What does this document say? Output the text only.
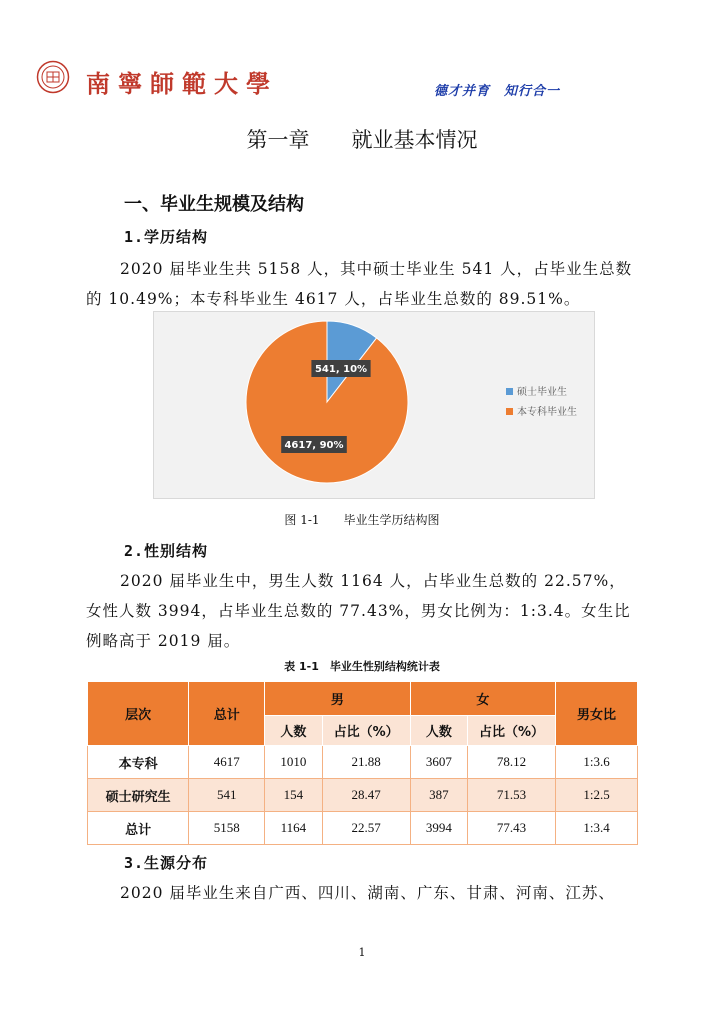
南寧師範大學	德才并育　知行合一
第一章　　就业基本情况
一、毕业生规模及结构
1.学历结构
2020 届毕业生共 5158 人，其中硕士毕业生 541 人，占毕业生总数的 10.49%；本专科毕业生 4617 人，占毕业生总数的 89.51%。
541, 10%
4617, 90%
硕士毕业生
本专科毕业生
图 1-1　　毕业生学历结构图
2.性别结构
2020 届毕业生中，男生人数 1164 人，占毕业生总数的 22.57%，女性人数 3994，占毕业生总数的 77.43%，男女比例为：1:3.4。女生比例略高于 2019 届。
表 1-1　毕业生性别结构统计表
层次	总计	男		女		男女比
		人数	占比（%）	人数	占比（%）	
本专科	4617	1010	21.88	3607	78.12	1:3.6
硕士研究生	541	154	28.47	387	71.53	1:2.5
总计	5158	1164	22.57	3994	77.43	1:3.4
3.生源分布
2020 届毕业生来自广西、四川、湖南、广东、甘肃、河南、江苏、
1
